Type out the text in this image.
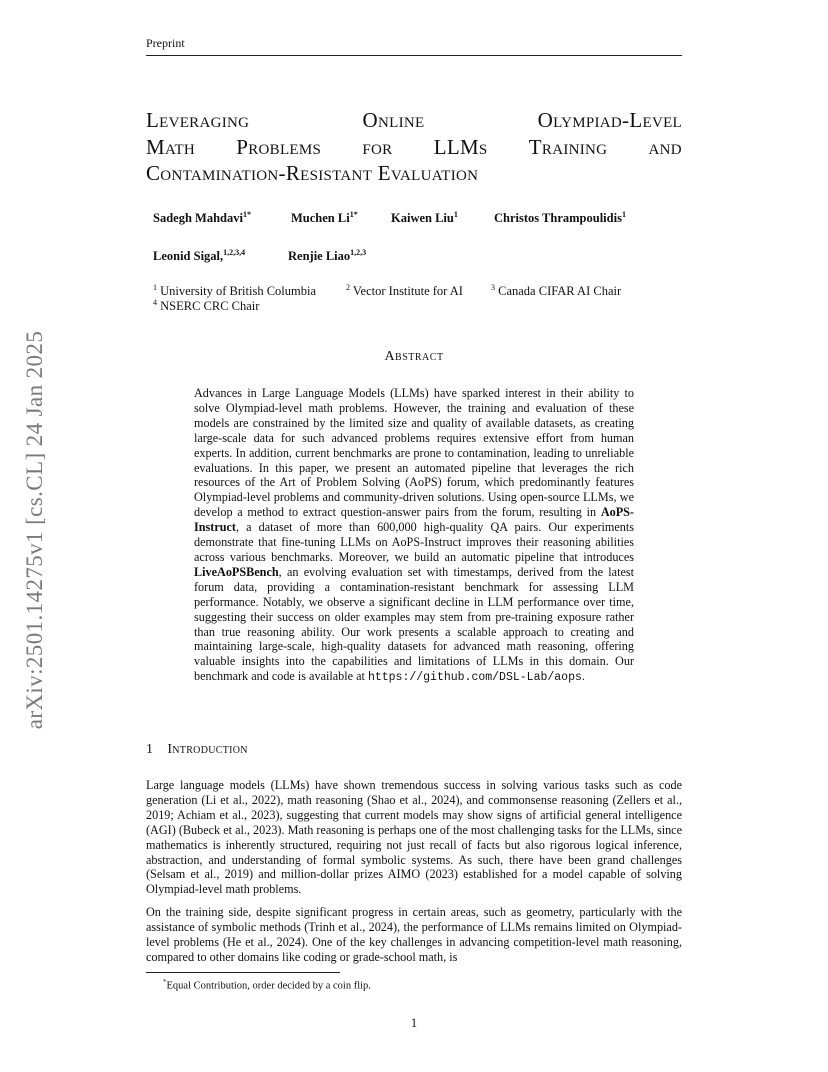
Preprint
arXiv:2501.14275v1 [cs.CL] 24 Jan 2025
Leveraging	Online	Olympiad-Level
Math Problems for LLMs Training and
Contamination-Resistant Evaluation
Sadegh Mahdavi$^{1*}$	Muchen $Li^{1*}$	Kaiwen Liu$^1$	Christos Thrampoulidis$^1$
Leonid Sigal,$^{1,2,3,4}$	Renjie Liao$^{1,2,3}$
$^1$ University of British Columbia	$^2$ Vector Institute for AI	$^3$ Canada CIFAR AI Chair
$^4$ NSERC CRC Chair
Abstract
Advances in Large Language Models (LLMs) have sparked interest in their ability to solve Olympiad-level math problems. However, the training and evaluation of these models are constrained by the limited size and quality of available datasets, as creating large-scale data for such advanced problems requires extensive effort from human experts. In addition, current benchmarks are prone to contamination, leading to unreliable evaluations. In this paper, we present an automated pipeline that leverages the rich resources of the Art of Problem Solving (AoPS) forum, which predominantly features Olympiad-level problems and community-driven solutions. Using open-source LLMs, we develop a method to extract question-answer pairs from the forum, resulting in AoPS-Instruct, a dataset of more than 600,000 high-quality QA pairs. Our experiments demonstrate that fine-tuning LLMs on AoPS-Instruct improves their reasoning abilities across various benchmarks. Moreover, we build an automatic pipeline that introduces LiveAoPSBench, an evolving evaluation set with timestamps, derived from the latest forum data, providing a contamination-resistant benchmark for assessing LLM performance. Notably, we observe a significant decline in LLM performance over time, suggesting their success on older examples may stem from pre-training exposure rather than true reasoning ability. Our work presents a scalable approach to creating and maintaining large-scale, high-quality datasets for advanced math reasoning, offering valuable insights into the capabilities and limitations of LLMs in this domain. Our benchmark and code is available at https://github.com/DSL-Lab/aops.
1 Introduction
Large language models (LLMs) have shown tremendous success in solving various tasks such as code generation (Li et al., 2022), math reasoning (Shao et al., 2024), and commonsense reasoning (Zellers et al., 2019; Achiam et al., 2023), suggesting that current models may show signs of artificial general intelligence (AGI) (Bubeck et al., 2023). Math reasoning is perhaps one of the most challenging tasks for the LLMs, since mathematics is inherently structured, requiring not just recall of facts but also rigorous logical inference, abstraction, and understanding of formal symbolic systems. As such, there have been grand challenges (Selsam et al., 2019) and million-dollar prizes AIMO (2023) established for a model capable of solving Olympiad-level math problems.
On the training side, despite significant progress in certain areas, such as geometry, particularly with the assistance of symbolic methods (Trinh et al., 2024), the performance of LLMs remains limited on Olympiad-level problems (He et al., 2024). One of the key challenges in advancing competition-level math reasoning, compared to other domains like coding or grade-school math, is
*Equal Contribution, order decided by a coin flip.
1
